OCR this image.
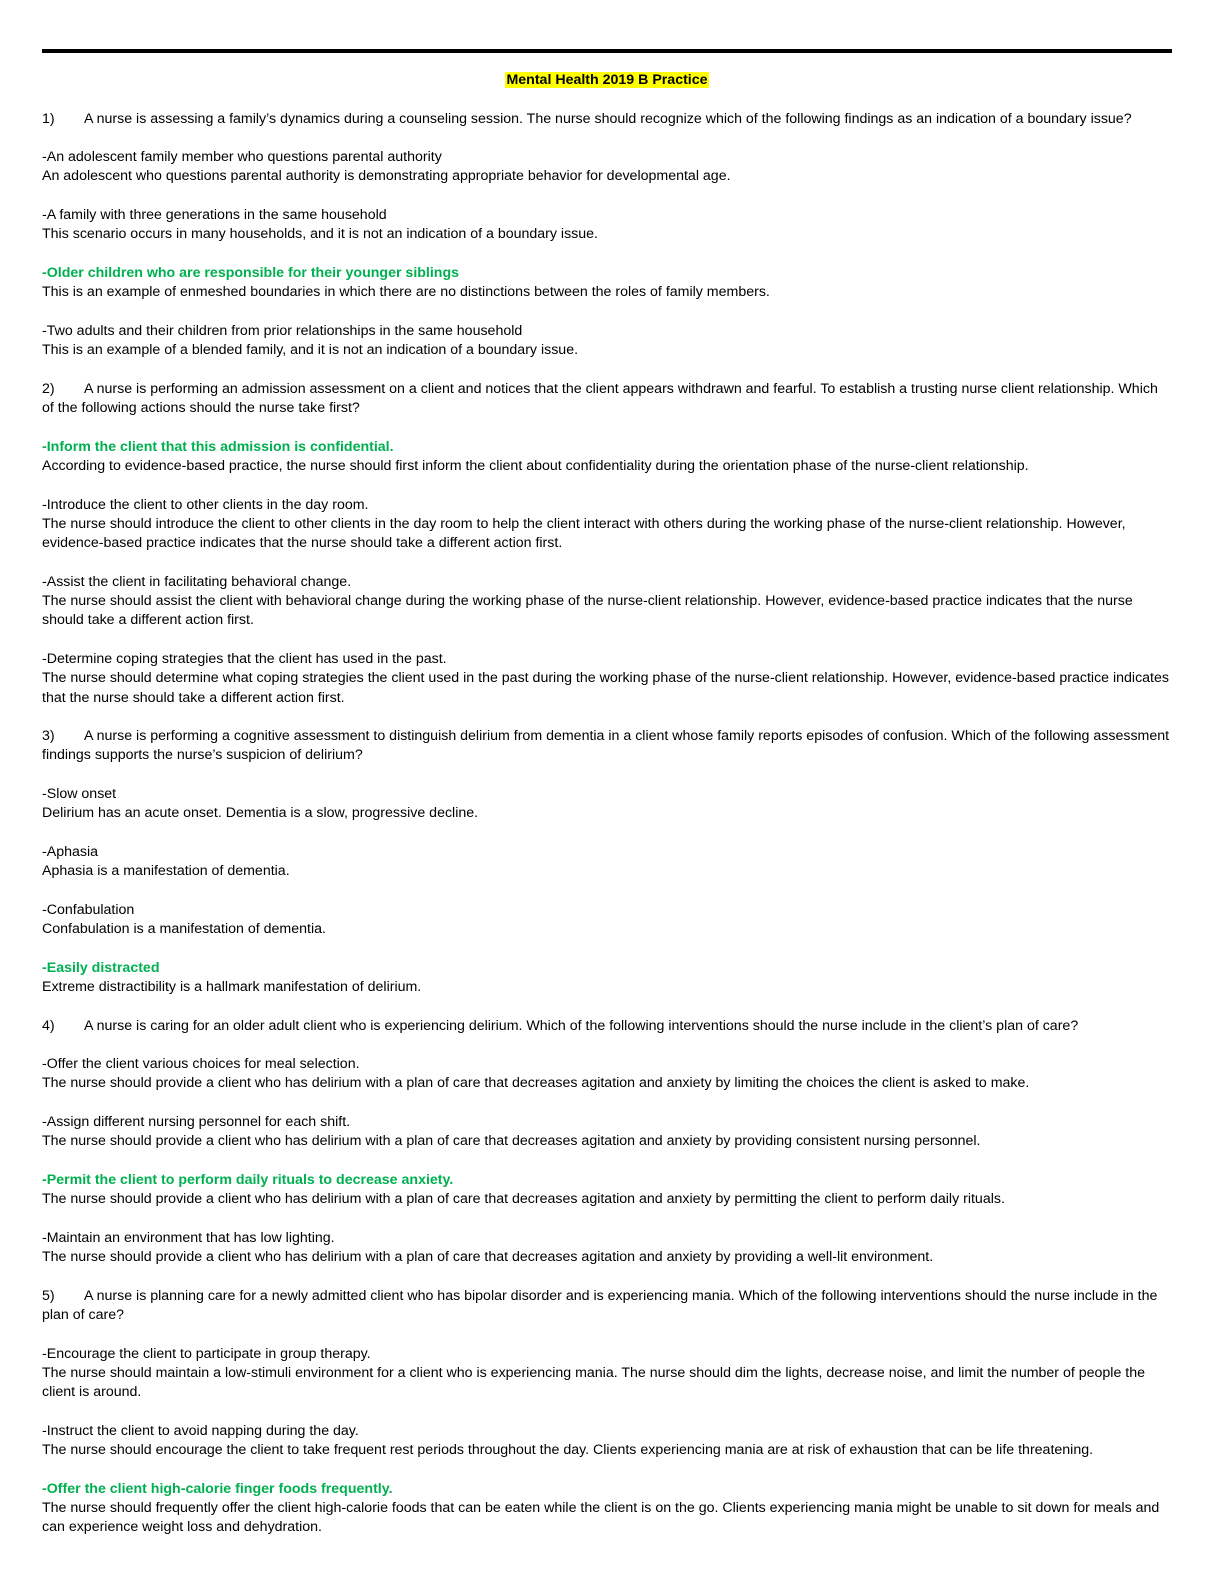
Mental Health 2019 B Practice
1) A nurse is assessing a family’s dynamics during a counseling session. The nurse should recognize which of the following findings as an indication of a boundary issue?
-An adolescent family member who questions parental authority
An adolescent who questions parental authority is demonstrating appropriate behavior for developmental age.
-A family with three generations in the same household
This scenario occurs in many households, and it is not an indication of a boundary issue.
-Older children who are responsible for their younger siblings
This is an example of enmeshed boundaries in which there are no distinctions between the roles of family members.
-Two adults and their children from prior relationships in the same household
This is an example of a blended family, and it is not an indication of a boundary issue.
2) A nurse is performing an admission assessment on a client and notices that the client appears withdrawn and fearful. To establish a trusting nurse client relationship. Which of the following actions should the nurse take first?
-Inform the client that this admission is confidential.
According to evidence-based practice, the nurse should first inform the client about confidentiality during the orientation phase of the nurse-client relationship.
-Introduce the client to other clients in the day room.
The nurse should introduce the client to other clients in the day room to help the client interact with others during the working phase of the nurse-client relationship. However, evidence-based practice indicates that the nurse should take a different action first.
-Assist the client in facilitating behavioral change.
The nurse should assist the client with behavioral change during the working phase of the nurse-client relationship. However, evidence-based practice indicates that the nurse should take a different action first.
-Determine coping strategies that the client has used in the past.
The nurse should determine what coping strategies the client used in the past during the working phase of the nurse-client relationship. However, evidence-based practice indicates that the nurse should take a different action first.
3) A nurse is performing a cognitive assessment to distinguish delirium from dementia in a client whose family reports episodes of confusion. Which of the following assessment findings supports the nurse’s suspicion of delirium?
-Slow onset
Delirium has an acute onset. Dementia is a slow, progressive decline.
-Aphasia
Aphasia is a manifestation of dementia.
-Confabulation
Confabulation is a manifestation of dementia.
-Easily distracted
Extreme distractibility is a hallmark manifestation of delirium.
4) A nurse is caring for an older adult client who is experiencing delirium. Which of the following interventions should the nurse include in the client’s plan of care?
-Offer the client various choices for meal selection.
The nurse should provide a client who has delirium with a plan of care that decreases agitation and anxiety by limiting the choices the client is asked to make.
-Assign different nursing personnel for each shift.
The nurse should provide a client who has delirium with a plan of care that decreases agitation and anxiety by providing consistent nursing personnel.
-Permit the client to perform daily rituals to decrease anxiety.
The nurse should provide a client who has delirium with a plan of care that decreases agitation and anxiety by permitting the client to perform daily rituals.
-Maintain an environment that has low lighting.
The nurse should provide a client who has delirium with a plan of care that decreases agitation and anxiety by providing a well-lit environment.
5) A nurse is planning care for a newly admitted client who has bipolar disorder and is experiencing mania. Which of the following interventions should the nurse include in the plan of care?
-Encourage the client to participate in group therapy.
The nurse should maintain a low-stimuli environment for a client who is experiencing mania. The nurse should dim the lights, decrease noise, and limit the number of people the client is around.
-Instruct the client to avoid napping during the day.
The nurse should encourage the client to take frequent rest periods throughout the day. Clients experiencing mania are at risk of exhaustion that can be life threatening.
-Offer the client high-calorie finger foods frequently.
The nurse should frequently offer the client high-calorie foods that can be eaten while the client is on the go. Clients experiencing mania might be unable to sit down for meals and can experience weight loss and dehydration.
